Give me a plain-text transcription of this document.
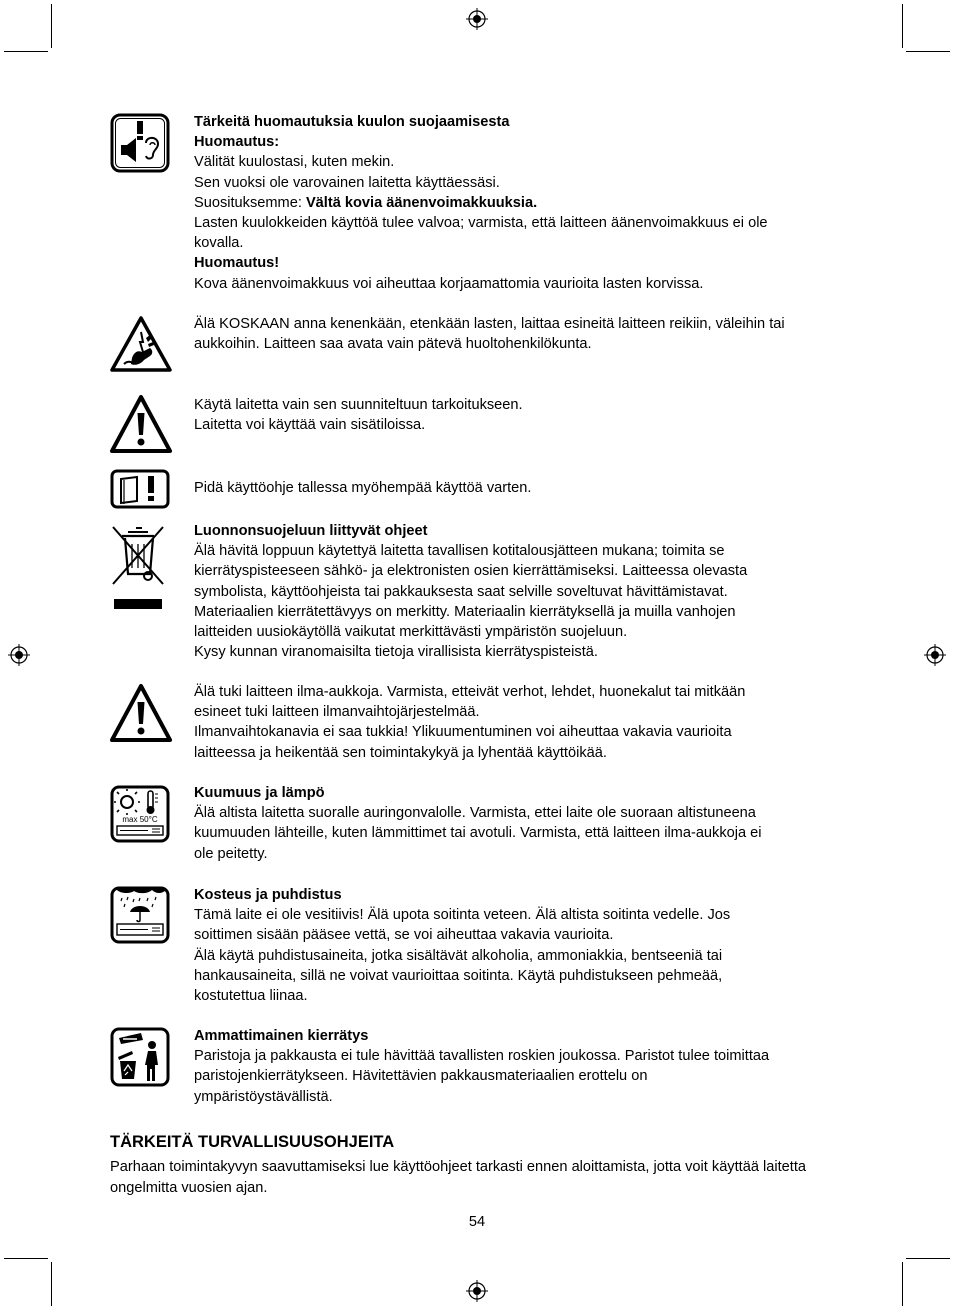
max 50°C
Tärkeitä huomautuksia kuulon suojaamisesta
Huomautus:
Välität kuulostasi, kuten mekin.
Sen vuoksi ole varovainen laitetta käyttäessäsi.
Suosituksemme: Vältä kovia äänenvoimakkuuksia.
Lasten kuulokkeiden käyttöä tulee valvoa; varmista, että laitteen äänenvoimakkuus ei ole
kovalla.
Huomautus!
Kova äänenvoimakkuus voi aiheuttaa korjaamattomia vaurioita lasten korvissa.
Älä KOSKAAN anna kenenkään, etenkään lasten, laittaa esineitä laitteen reikiin, väleihin tai
aukkoihin. Laitteen saa avata vain pätevä huoltohenkilökunta.
Käytä laitetta vain sen suunniteltuun tarkoitukseen.
Laitetta voi käyttää vain sisätiloissa.
Pidä käyttöohje tallessa myöhempää käyttöä varten.
Luonnonsuojeluun liittyvät ohjeet
Älä hävitä loppuun käytettyä laitetta tavallisen kotitalousjätteen mukana; toimita se
kierrätyspisteeseen sähkö- ja elektronisten osien kierrättämiseksi. Laitteessa olevasta
symbolista, käyttöohjeista tai pakkauksesta saat selville soveltuvat hävittämistavat.
Materiaalien kierrätettävyys on merkitty. Materiaalin kierrätyksellä ja muilla vanhojen
laitteiden uusiokäytöllä vaikutat merkittävästi ympäristön suojeluun.
Kysy kunnan viranomaisilta tietoja virallisista kierrätyspisteistä.
Älä tuki laitteen ilma-aukkoja. Varmista, etteivät verhot, lehdet, huonekalut tai mitkään
esineet tuki laitteen ilmanvaihtojärjestelmää.
Ilmanvaihtokanavia ei saa tukkia! Ylikuumentuminen voi aiheuttaa vakavia vaurioita
laitteessa ja heikentää sen toimintakykyä ja lyhentää käyttöikää.
Kuumuus ja lämpö
Älä altista laitetta suoralle auringonvalolle. Varmista, ettei laite ole suoraan altistuneena
kuumuuden lähteille, kuten lämmittimet tai avotuli. Varmista, että laitteen ilma-aukkoja ei
ole peitetty.
Kosteus ja puhdistus
Tämä laite ei ole vesitiivis! Älä upota soitinta veteen. Älä altista soitinta vedelle. Jos
soittimen sisään pääsee vettä, se voi aiheuttaa vakavia vaurioita.
Älä käytä puhdistusaineita, jotka sisältävät alkoholia, ammoniakkia, bentseeniä tai
hankausaineita, sillä ne voivat vaurioittaa soitinta. Käytä puhdistukseen pehmeää,
kostutettua liinaa.
Ammattimainen kierrätys
Paristoja ja pakkausta ei tule hävittää tavallisten roskien joukossa. Paristot tulee toimittaa
paristojenkierrätykseen. Hävitettävien pakkausmateriaalien erottelu on
ympäristöystävällistä.
TÄRKEITÄ TURVALLISUUSOHJEITA
Parhaan toimintakyvyn saavuttamiseksi lue käyttöohjeet tarkasti ennen aloittamista, jotta voit käyttää laitetta ongelmitta vuosien ajan.
54
